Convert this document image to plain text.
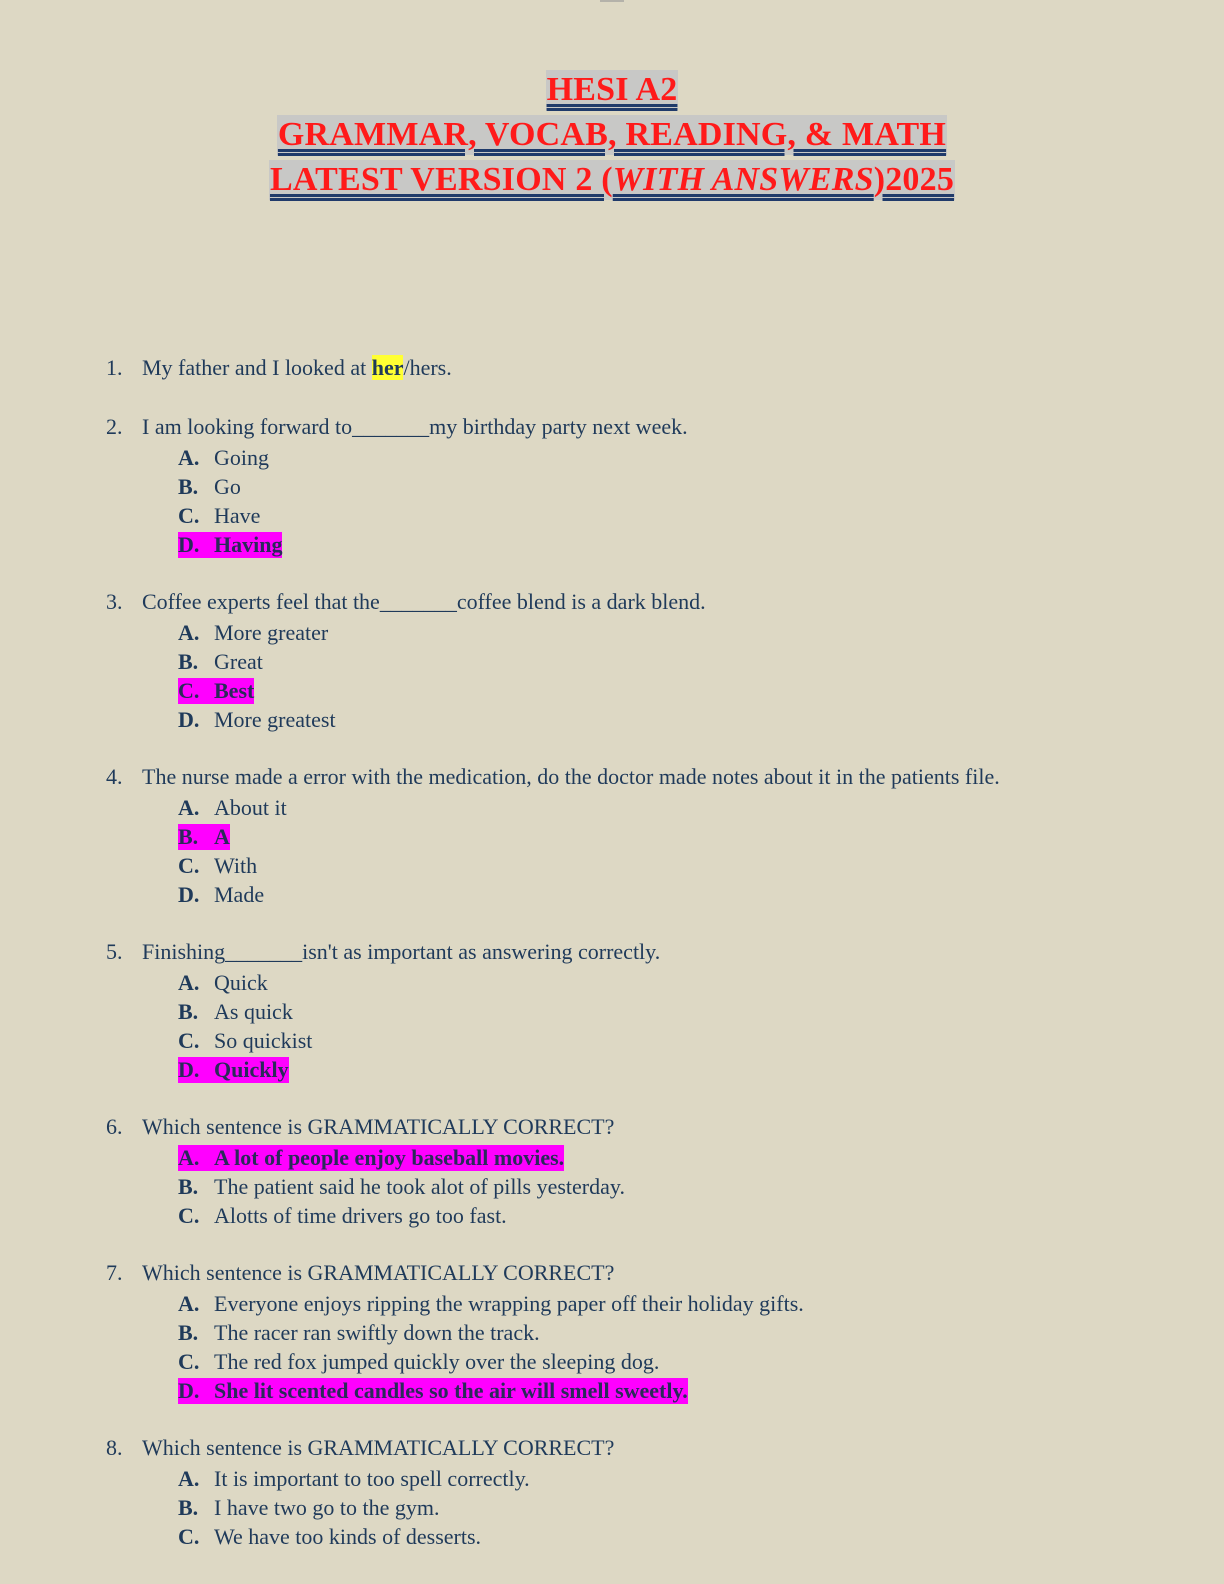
HESI A2
GRAMMAR, VOCAB, READING, & MATH
LATEST VERSION 2 (WITH ANSWERS)2025
1. My father and I looked at her/hers.
2. I am looking forward to_______my birthday party next week.
A. Going
B. Go
C. Have
D. Having
3. Coffee experts feel that the_______coffee blend is a dark blend.
A. More greater
B. Great
C. Best
D. More greatest
4. The nurse made a error with the medication, do the doctor made notes about it in the patients file.
A. About it
B. A
C. With
D. Made
5. Finishing_______isn't as important as answering correctly.
A. Quick
B. As quick
C. So quickist
D. Quickly
6. Which sentence is GRAMMATICALLY CORRECT?
A. A lot of people enjoy baseball movies.
B. The patient said he took alot of pills yesterday.
C. Alotts of time drivers go too fast.
7. Which sentence is GRAMMATICALLY CORRECT?
A. Everyone enjoys ripping the wrapping paper off their holiday gifts.
B. The racer ran swiftly down the track.
C. The red fox jumped quickly over the sleeping dog.
D. She lit scented candles so the air will smell sweetly.
8. Which sentence is GRAMMATICALLY CORRECT?
A. It is important to too spell correctly.
B. I have two go to the gym.
C. We have too kinds of desserts.
